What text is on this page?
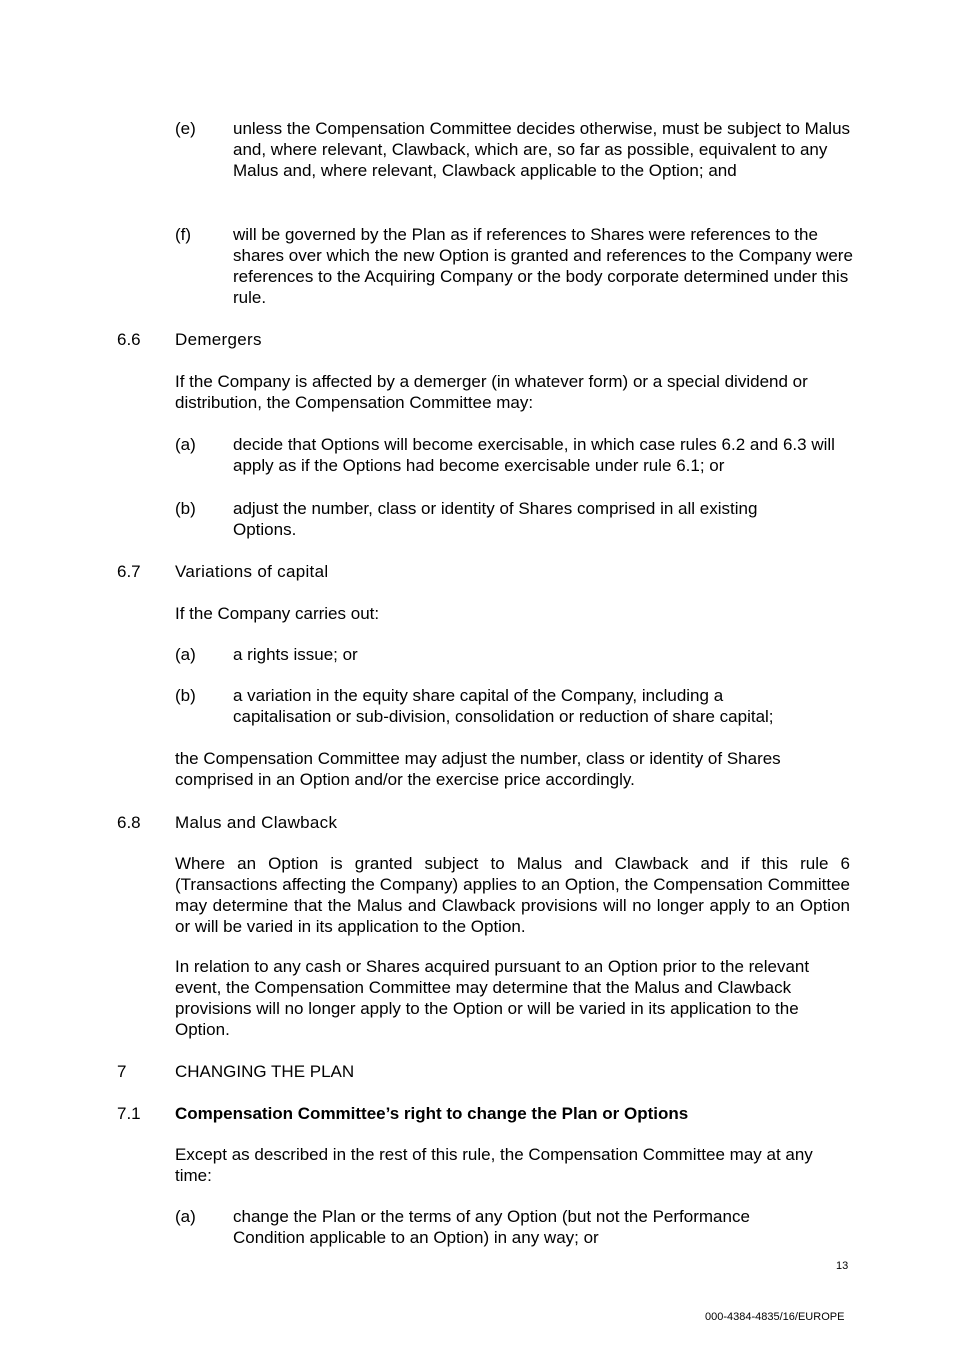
(e) unless the Compensation Committee decides otherwise, must be subject to Malus and, where relevant, Clawback, which are, so far as possible, equivalent to any Malus and, where relevant, Clawback applicable to the Option; and
(f) will be governed by the Plan as if references to Shares were references to the shares over which the new Option is granted and references to the Company were references to the Acquiring Company or the body corporate determined under this rule.
6.6 Demergers
If the Company is affected by a demerger (in whatever form) or a special dividend or distribution, the Compensation Committee may:
(a) decide that Options will become exercisable, in which case rules 6.2 and 6.3 will apply as if the Options had become exercisable under rule 6.1; or
(b) adjust the number, class or identity of Shares comprised in all existing Options.
6.7 Variations of capital
If the Company carries out:
(a) a rights issue; or
(b) a variation in the equity share capital of the Company, including a capitalisation or sub-division, consolidation or reduction of share capital;
the Compensation Committee may adjust the number, class or identity of Shares comprised in an Option and/or the exercise price accordingly.
6.8 Malus and Clawback
Where an Option is granted subject to Malus and Clawback and if this rule 6 (Transactions affecting the Company) applies to an Option, the Compensation Committee may determine that the Malus and Clawback provisions will no longer apply to an Option or will be varied in its application to the Option.
In relation to any cash or Shares acquired pursuant to an Option prior to the relevant event, the Compensation Committee may determine that the Malus and Clawback provisions will no longer apply to the Option or will be varied in its application to the Option.
7	CHANGING THE PLAN
7.1 Compensation Committee’s right to change the Plan or Options
Except as described in the rest of this rule, the Compensation Committee may at any time:
(a) change the Plan or the terms of any Option (but not the Performance Condition applicable to an Option) in any way; or
13
000-4384-4835/16/EUROPE
